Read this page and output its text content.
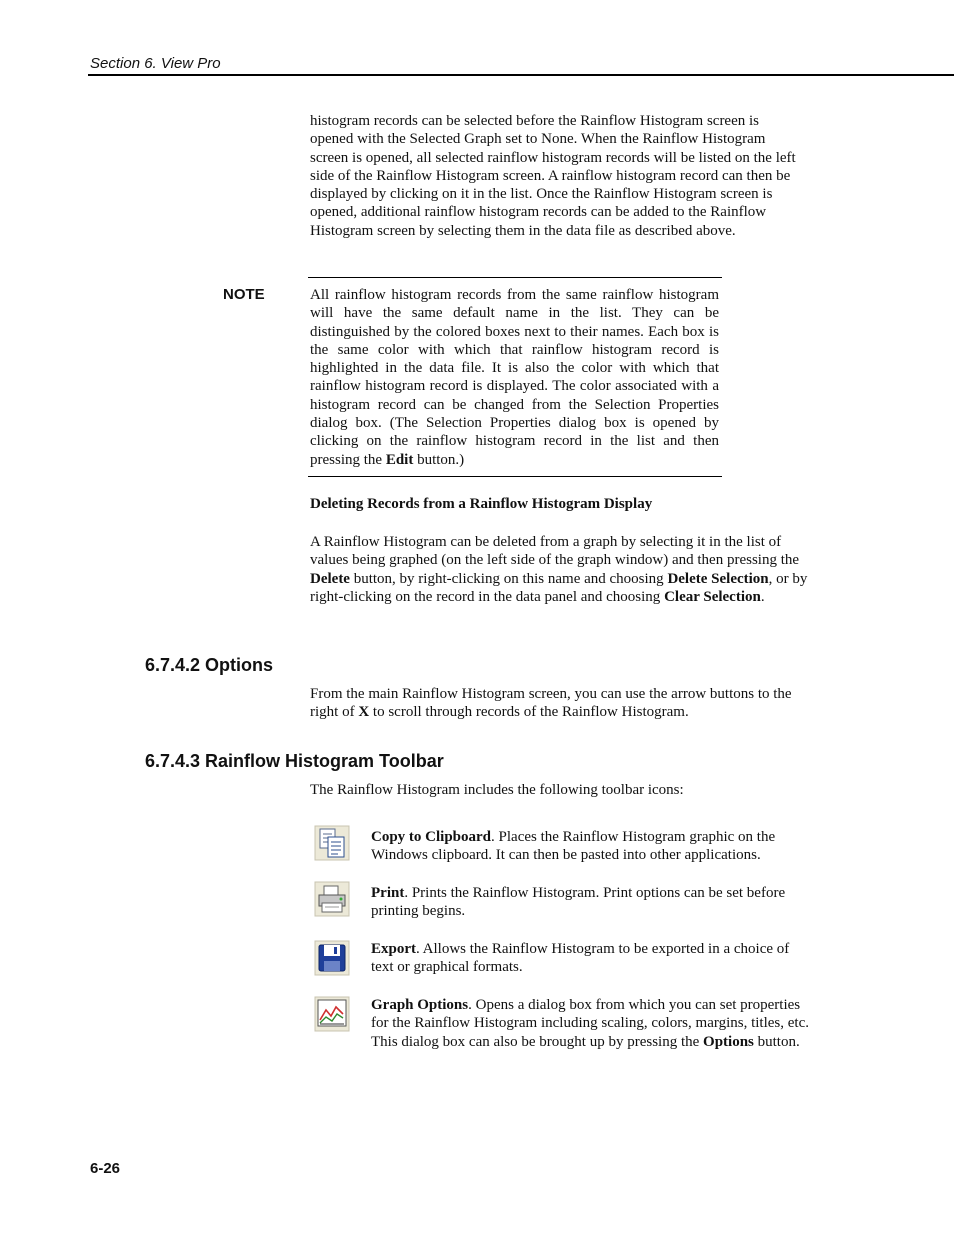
Section 6. View Pro
histogram records can be selected before the Rainflow Histogram screen is opened with the Selected Graph set to None. When the Rainflow Histogram screen is opened, all selected rainflow histogram records will be listed on the left side of the Rainflow Histogram screen. A rainflow histogram record can then be displayed by clicking on it in the list. Once the Rainflow Histogram screen is opened, additional rainflow histogram records can be added to the Rainflow Histogram screen by selecting them in the data file as described above.
NOTE	All rainflow histogram records from the same rainflow histogram will have the same default name in the list. They can be distinguished by the colored boxes next to their names. Each box is the same color with which that rainflow histogram record is highlighted in the data file. It is also the color with which that rainflow histogram record is displayed. The color associated with a histogram record can be changed from the Selection Properties dialog box. (The Selection Properties dialog box is opened by clicking on the rainflow histogram record in the list and then pressing the Edit button.)
Deleting Records from a Rainflow Histogram Display
A Rainflow Histogram can be deleted from a graph by selecting it in the list of values being graphed (on the left side of the graph window) and then pressing the Delete button, by right-clicking on this name and choosing Delete Selection, or by right-clicking on the record in the data panel and choosing Clear Selection.
6.7.4.2 Options
From the main Rainflow Histogram screen, you can use the arrow buttons to the right of X to scroll through records of the Rainflow Histogram.
6.7.4.3 Rainflow Histogram Toolbar
The Rainflow Histogram includes the following toolbar icons:
Copy to Clipboard. Places the Rainflow Histogram graphic on the Windows clipboard. It can then be pasted into other applications.
Print. Prints the Rainflow Histogram. Print options can be set before printing begins.
Export. Allows the Rainflow Histogram to be exported in a choice of text or graphical formats.
Graph Options. Opens a dialog box from which you can set properties for the Rainflow Histogram including scaling, colors, margins, titles, etc. This dialog box can also be brought up by pressing the Options button.
6-26
